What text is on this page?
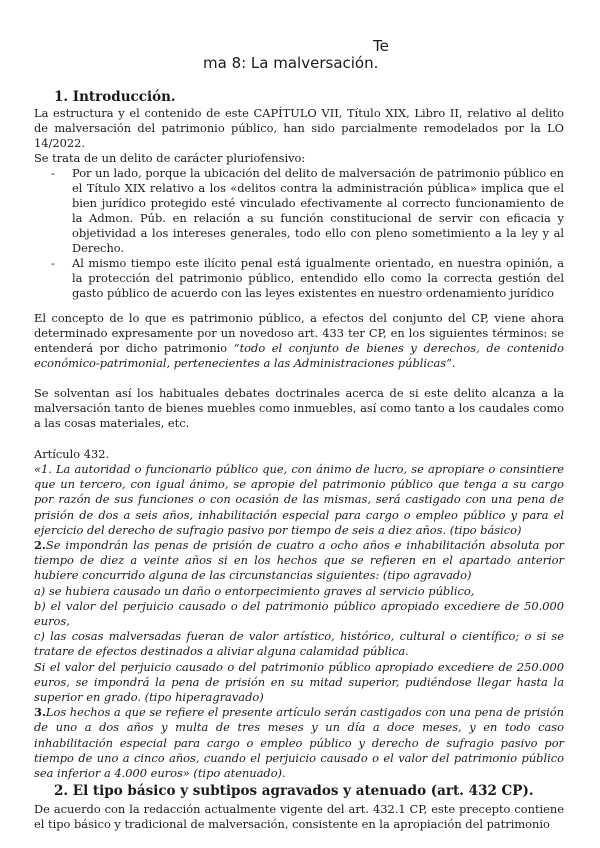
Te
ma 8: La malversación.
1. Introducción.

La estructura y el contenido de este CAPÍTULO VII, Título XIX, Libro II, relativo al delito de malversación del patrimonio público, han sido parcialmente remodelados por la LO 14/2022.

Se trata de un delito de carácter pluriofensivo:

- Por un lado, porque la ubicación del delito de malversación de patrimonio público en el Título XIX relativo a los «delitos contra la administración pública» implica que el bien jurídico protegido esté vinculado efectivamente al correcto funcionamiento de la Admon. Púb. en relación a su función constitucional de servir con eficacia y objetividad a los intereses generales, todo ello con pleno sometimiento a la ley y al Derecho.
- Al mismo tiempo este ilícito penal está igualmente orientado, en nuestra opinión, a la protección del patrimonio público, entendido ello como la correcta gestión del gasto público de acuerdo con las leyes existentes en nuestro ordenamiento jurídico

El concepto de lo que es patrimonio público, a efectos del conjunto del CP, viene ahora determinado expresamente por un novedoso art. 433 ter CP, en los siguientes términos: se entenderá por dicho patrimonio “todo el conjunto de bienes y derechos, de contenido económico-patrimonial, pertenecientes a las Administraciones públicas”.

Se solventan así los habituales debates doctrinales acerca de si este delito alcanza a la malversación tanto de bienes muebles como inmuebles, así como tanto a los caudales como a las cosas materiales, etc.

Artículo 432.

«1. La autoridad o funcionario público que, con ánimo de lucro, se apropiare o consintiere que un tercero, con igual ánimo, se apropie del patrimonio público que tenga a su cargo por razón de sus funciones o con ocasión de las mismas, será castigado con una pena de prisión de dos a seis años, inhabilitación especial para cargo o empleo público y para el ejercicio del derecho de sufragio pasivo por tiempo de seis a diez años. (tipo básico)

2.Se impondrán las penas de prisión de cuatro a ocho años e inhabilitación absoluta por tiempo de diez a veinte años si en los hechos que se refieren en el apartado anterior hubiere concurrido alguna de las circunstancias siguientes: (tipo agravado)

a) se hubiera causado un daño o entorpecimiento graves al servicio público,

b) el valor del perjuicio causado o del patrimonio público apropiado excediere de 50.000 euros,

c) las cosas malversadas fueran de valor artístico, histórico, cultural o científico; o si se tratare de efectos destinados a aliviar alguna calamidad pública.

Si el valor del perjuicio causado o del patrimonio público apropiado excediere de 250.000 euros, se impondrá la pena de prisión en su mitad superior, pudiéndose llegar hasta la superior en grado. (tipo hiperagravado)

3.Los hechos a que se refiere el presente artículo serán castigados con una pena de prisión de uno a dos años y multa de tres meses y un día a doce meses, y en todo caso inhabilitación especial para cargo o empleo público y derecho de sufragio pasivo por tiempo de uno a cinco años, cuando el perjuicio causado o el valor del patrimonio público sea inferior a 4.000 euros» (tipo atenuado).

2. El tipo básico y subtipos agravados y atenuado (art. 432 CP).

De acuerdo con la redacción actualmente vigente del art. 432.1 CP, este precepto contiene el tipo básico y tradicional de malversación, consistente en la apropiación del patrimonio
